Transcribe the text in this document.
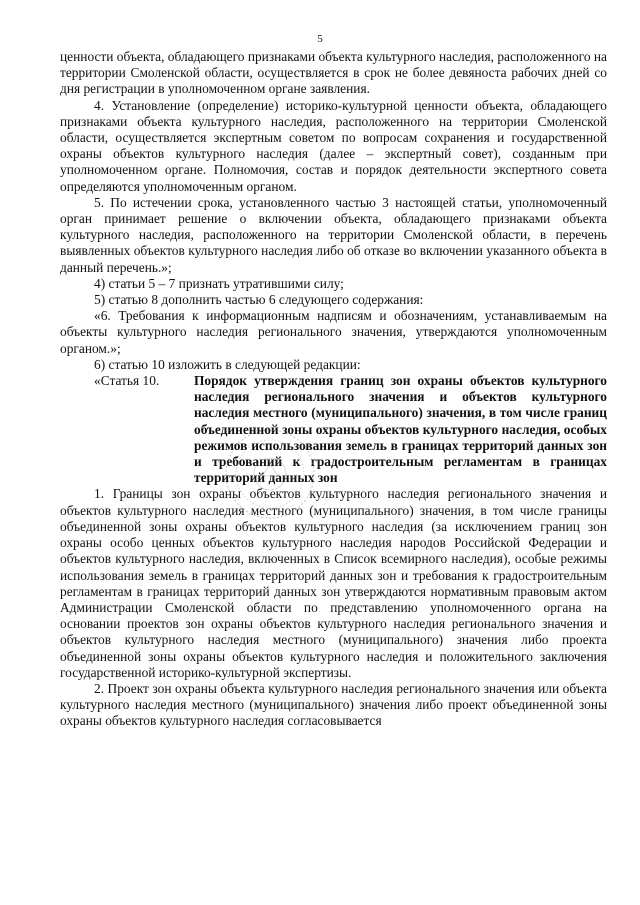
5

ценности объекта, обладающего признаками объекта культурного наследия, расположенного на территории Смоленской области, осуществляется в срок не более девяноста рабочих дней со дня регистрации в уполномоченном органе заявления.

4. Установление (определение) историко-культурной ценности объекта, обладающего признаками объекта культурного наследия, расположенного на территории Смоленской области, осуществляется экспертным советом по вопросам сохранения и государственной охраны объектов культурного наследия (далее – экспертный совет), созданным при уполномоченном органе. Полномочия, состав и порядок деятельности экспертного совета определяются уполномоченным органом.

5. По истечении срока, установленного частью 3 настоящей статьи, уполномоченный орган принимает решение о включении объекта, обладающего признаками объекта культурного наследия, расположенного на территории Смоленской области, в перечень выявленных объектов культурного наследия либо об отказе во включении указанного объекта в данный перечень.»;

4) статьи 5 – 7 признать утратившими силу;

5) статью 8 дополнить частью 6 следующего содержания:

«6. Требования к информационным надписям и обозначениям, устанавливаемым на объекты культурного наследия регионального значения, утверждаются уполномоченным органом.»;

6) статью 10 изложить в следующей редакции:

«Статья 10.	Порядок утверждения границ зон охраны объектов культурного наследия регионального значения и объектов культурного наследия местного (муниципального) значения, в том числе границ объединенной зоны охраны объектов культурного наследия, особых режимов использования земель в границах территорий данных зон и требований к градостроительным регламентам в границах территорий данных зон

1. Границы зон охраны объектов культурного наследия регионального значения и объектов культурного наследия местного (муниципального) значения, в том числе границы объединенной зоны охраны объектов культурного наследия (за исключением границ зон охраны особо ценных объектов культурного наследия народов Российской Федерации и объектов культурного наследия, включенных в Список всемирного наследия), особые режимы использования земель в границах территорий данных зон и требования к градостроительным регламентам в границах территорий данных зон утверждаются нормативным правовым актом Администрации Смоленской области по представлению уполномоченного органа на основании проектов зон охраны объектов культурного наследия регионального значения и объектов культурного наследия местного (муниципального) значения либо проекта объединенной зоны охраны объектов культурного наследия и положительного заключения государственной историко-культурной экспертизы.

2. Проект зон охраны объекта культурного наследия регионального значения или объекта культурного наследия местного (муниципального) значения либо проект объединенной зоны охраны объектов культурного наследия согласовывается
